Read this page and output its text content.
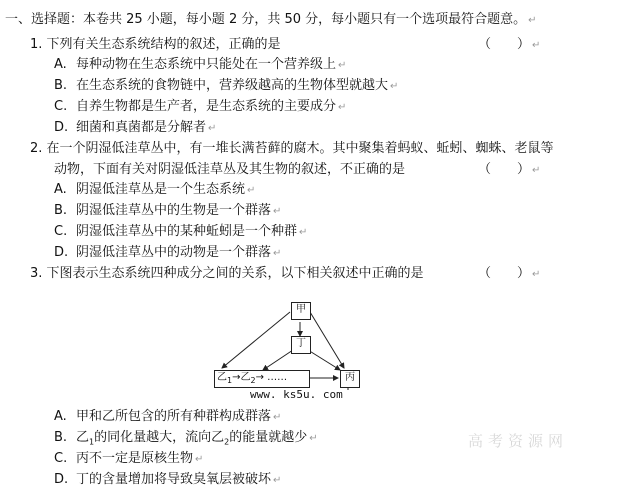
一、选择题：本卷共 25 小题，每小题 2 分，共 50 分，每小题只有一个选项最符合题意。 ↵
1. 下列有关生态系统结构的叙述，正确的是	（　　） ↵
A. 每种动物在生态系统中只能处在一个营养级上 ↵
B. 在生态系统的食物链中，营养级越高的生物体型就越大 ↵
C. 自养生物都是生产者，是生态系统的主要成分 ↵
D. 细菌和真菌都是分解者 ↵
2. 在一个阴湿低洼草丛中，有一堆长满苔藓的腐木。其中聚集着蚂蚁、蚯蚓、蜘蛛、老鼠等
动物，下面有关对阴湿低洼草丛及其生物的叙述，不正确的是	（　　） ↵
A. 阴湿低洼草丛是一个生态系统 ↵
B. 阴湿低洼草丛中的生物是一个群落 ↵
C. 阴湿低洼草丛中的某种蚯蚓是一个种群 ↵
D. 阴湿低洼草丛中的动物是一个群落 ↵
3. 下图表示生态系统四种成分之间的关系，以下相关叙述中正确的是	（　　） ↵
甲
丁
乙$_1$→乙$_2$→ ……	丙
www. ks5u. com
A. 甲和乙所包含的所有种群构成群落 ↵
B. 乙$_1$的同化量越大，流向乙$_2$的能量就越少 ↵
C. 丙不一定是原核生物 ↵
D. 丁的含量增加将导致臭氧层被破坏 ↵
高考资源网
